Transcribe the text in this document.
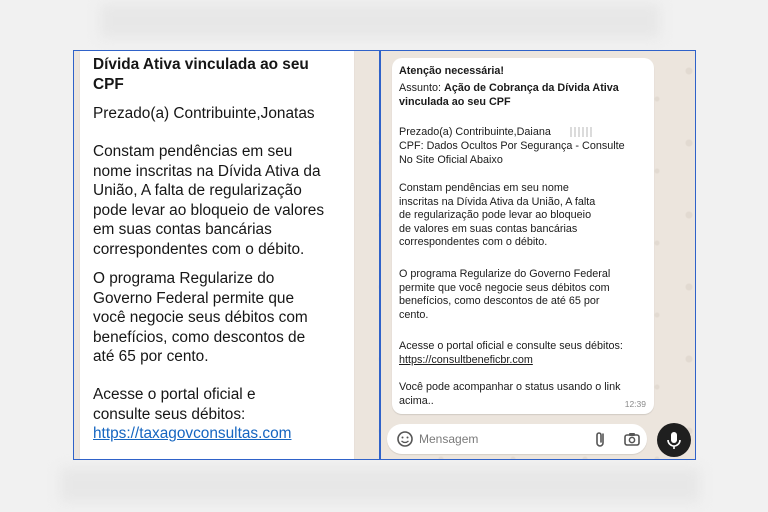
Dívida Ativa vinculada ao seu
CPF

Prezado(a) Contribuinte,Jonatas

Constam pendências em seu
nome inscritas na Dívida Ativa da
União, A falta de regularização
pode levar ao bloqueio de valores
em suas contas bancárias
correspondentes com o débito.

O programa Regularize do
Governo Federal permite que
você negocie seus débitos com
benefícios, como descontos de
até 65 por cento.

Acesse o portal oficial e
consulte seus débitos:

https://taxagovconsultas.com

Atenção necessária!

Assunto: Ação de Cobrança da Dívida Ativa
vinculada ao seu CPF

Prezado(a) Contribuinte,Daiana

CPF: Dados Ocultos Por Segurança - Consulte
No Site Oficial Abaixo

Constam pendências em seu nome
inscritas na Dívida Ativa da União, A falta
de regularização pode levar ao bloqueio
de valores em suas contas bancárias
correspondentes com o débito.

O programa Regularize do Governo Federal
permite que você negocie seus débitos com
benefícios, como descontos de até 65 por
cento.

Acesse o portal oficial e consulte seus débitos:

https://consultbeneficbr.com

Você pode acompanhar o status usando o link
acima..	12:39
Mensagem
